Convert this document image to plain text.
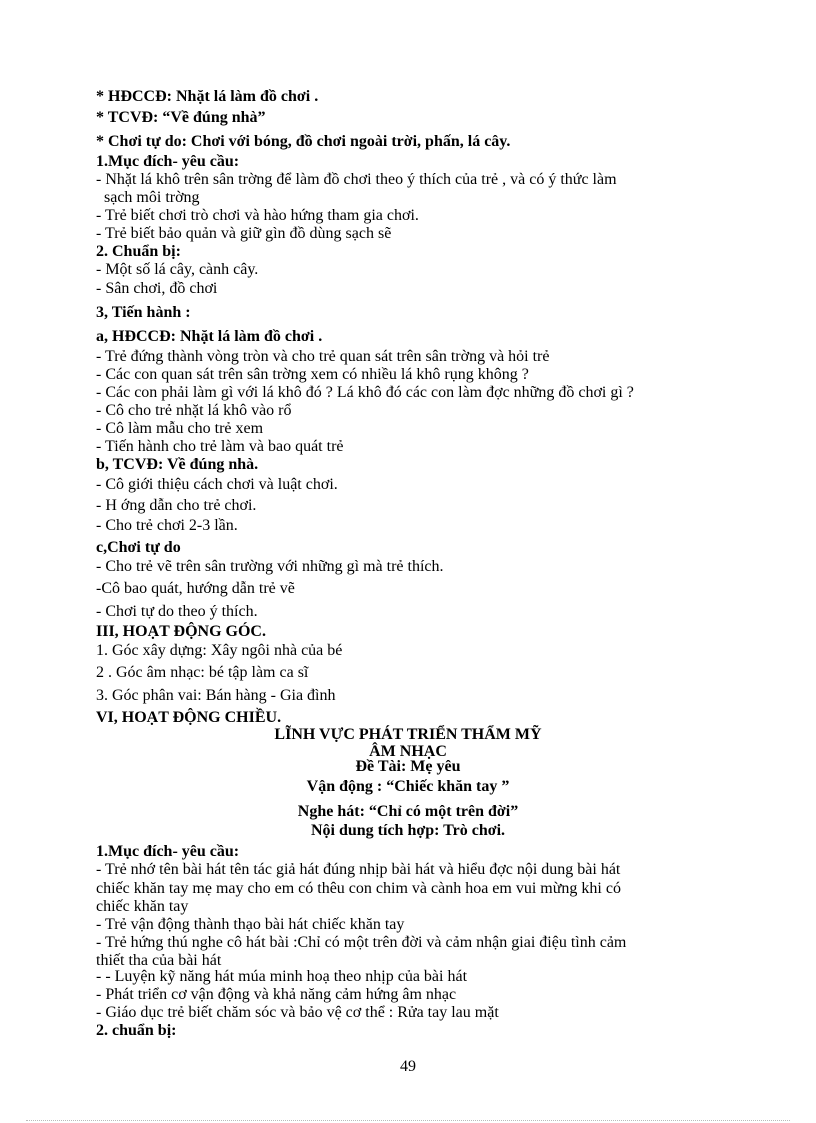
* HĐCCĐ: Nhặt lá làm đồ chơi .
* TCVĐ: “Về đúng nhà”
* Chơi tự do: Chơi với bóng, đồ chơi ngoài trời, phấn, lá cây.
1.Mục đích- yêu cầu:
- Nhặt lá khô trên sân trờng để làm đồ chơi theo ý thích của trẻ , và có ý thức làm
sạch môi trờng
- Trẻ biết chơi trò chơi và hào hứng tham gia chơi.
- Trẻ biết bảo quản và giữ gìn đồ dùng sạch sẽ
2. Chuẩn bị:
- Một số lá cây, cành cây.
- Sân chơi, đồ chơi
3, Tiến hành :
a, HĐCCĐ: Nhặt lá làm đồ chơi .
- Trẻ đứng thành vòng tròn và cho trẻ quan sát trên sân trờng và hỏi trẻ
- Các con quan sát trên sân trờng xem có nhiều lá khô rụng không ?
- Các con phải làm gì với lá khô đó ? Lá khô đó các con làm đợc những đồ chơi gì ?
- Cô cho trẻ nhặt lá khô vào rổ
- Cô làm mẫu cho trẻ xem
- Tiến hành cho trẻ làm và bao quát trẻ
b, TCVĐ: Về đúng nhà.
- Cô giới thiệu cách chơi và luật chơi.
- H ớng dẫn cho trẻ chơi.
- Cho trẻ chơi 2-3 lần.
c,Chơi tự do
- Cho trẻ vẽ trên sân trường với những gì mà trẻ thích.
-Cô bao quát, hướng dẫn trẻ vẽ
- Chơi tự do theo ý thích.
III, HOẠT ĐỘNG GÓC.
1. Góc xây dựng: Xây ngôi nhà của bé
2 . Góc âm nhạc: bé tập làm ca sĩ
3. Góc phân vai: Bán hàng - Gia đình
VI, HOẠT ĐỘNG CHIỀU.
LĨNH VỰC PHÁT TRIỂN THẨM MỸ
ÂM NHẠC
Đề Tài: Mẹ yêu
Vận động : “Chiếc khăn tay ”
Nghe hát: “Chỉ có một trên đời”
Nội dung tích hợp: Trò chơi.
1.Mục đích- yêu cầu:
- Trẻ nhớ tên bài hát tên tác giả hát đúng nhịp bài hát và hiểu đợc nội dung bài hát
chiếc khăn tay mẹ may cho em có thêu con chim và cành hoa em vui mừng khi có
chiếc khăn tay
- Trẻ vận động thành thạo bài hát chiếc khăn tay
- Trẻ hứng thú nghe cô hát bài :Chỉ có một trên đời và cảm nhận giai điệu tình cảm
thiết tha của bài hát
- - Luyện kỹ năng hát múa minh hoạ theo nhịp của bài hát
- Phát triển cơ vận động và khả năng cảm hứng âm nhạc
- Giáo dục trẻ biết chăm sóc và bảo vệ cơ thể : Rửa tay lau mặt
2. chuẩn bị:
49
